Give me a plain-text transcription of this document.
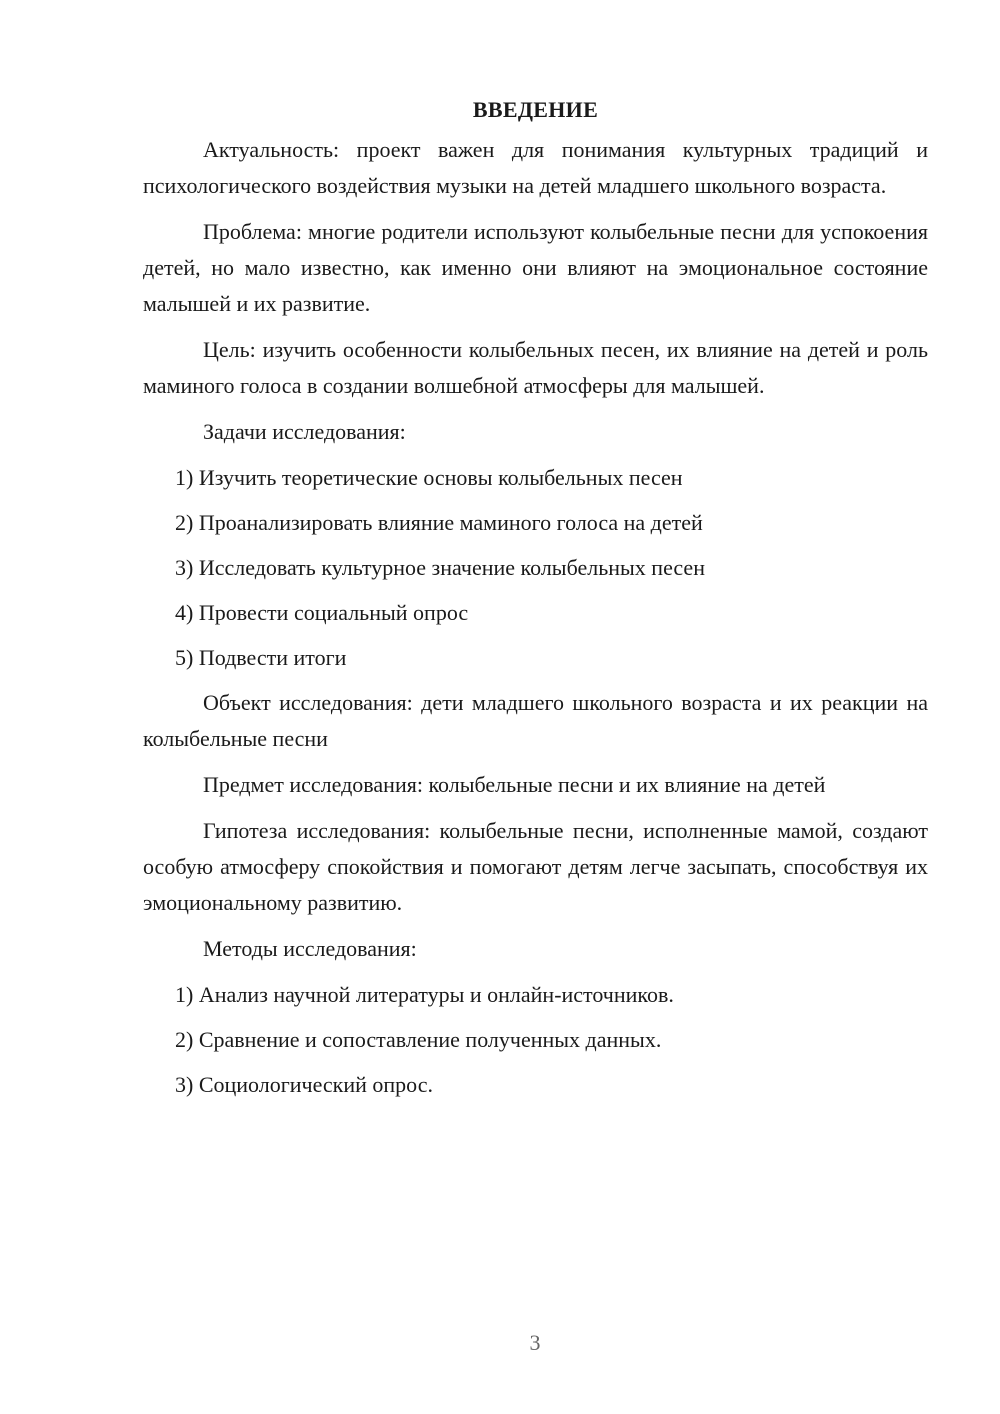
ВВЕДЕНИЕ

Актуальность: проект важен для понимания культурных традиций и психологического воздействия музыки на детей младшего школьного возраста.

Проблема: многие родители используют колыбельные песни для успокоения детей, но мало известно, как именно они влияют на эмоциональное состояние малышей и их развитие.

Цель: изучить особенности колыбельных песен, их влияние на детей и роль маминого голоса в создании волшебной атмосферы для малышей.

Задачи исследования:

1) Изучить теоретические основы колыбельных песен
2) Проанализировать влияние маминого голоса на детей
3) Исследовать культурное значение колыбельных песен
4) Провести социальный опрос
5) Подвести итоги

Объект исследования: дети младшего школьного возраста и их реакции на колыбельные песни

Предмет исследования: колыбельные песни и их влияние на детей

Гипотеза исследования: колыбельные песни, исполненные мамой, создают особую атмосферу спокойствия и помогают детям легче засыпать, способствуя их эмоциональному развитию.

Методы исследования:

1) Анализ научной литературы и онлайн-источников.
2) Сравнение и сопоставление полученных данных.
3) Социологический опрос.
3
